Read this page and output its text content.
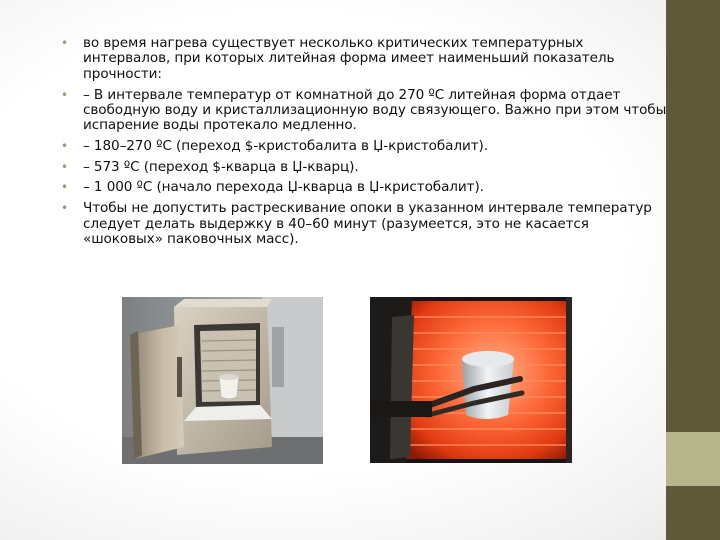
• во время нагрева существует несколько критических температурных интервалов, при которых литейная форма имеет наименьший показатель прочности:
• – В интервале температур от комнатной до 270 ºС литейная форма отдает свободную воду и кристаллизационную воду связующего. Важно при этом чтобы испарение воды протекало медленно.
• – 180–270 ºС (переход $-кристобалита в Џ-кристобалит).
• – 573 ºС (переход $-кварца в Џ-кварц).
• – 1 000 ºС (начало перехода Џ-кварца в Џ-кристобалит).
• Чтобы не допустить растрескивание опоки в указанном интервале температур следует делать выдержку в 40–60 минут (разумеется, это не касается «шоковых» паковочных масс).
